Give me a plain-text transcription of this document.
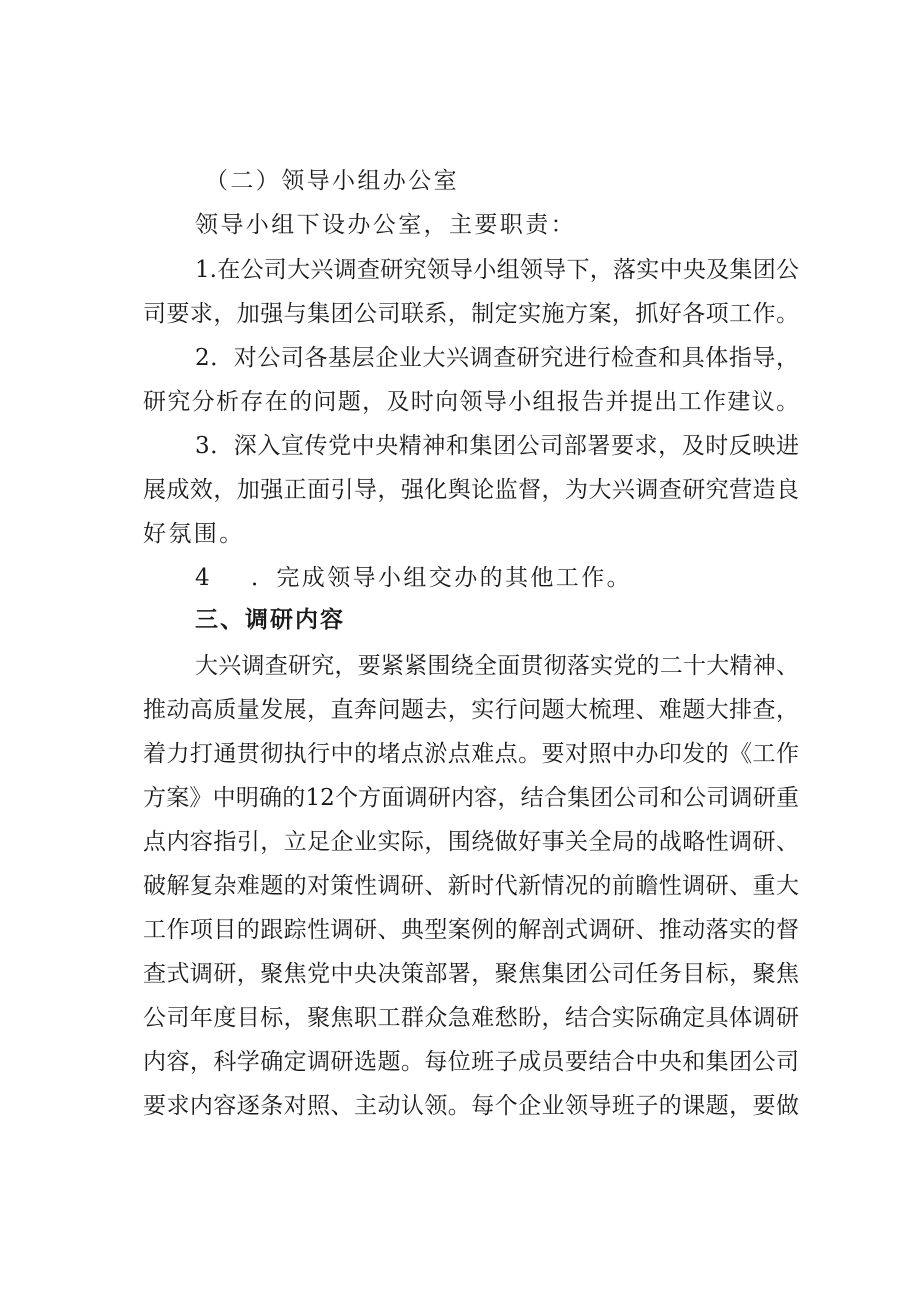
（二）领导小组办公室
领导小组下设办公室，主要职责：
1.在公司大兴调查研究领导小组领导下，落实中央及集团公
司要求，加强与集团公司联系，制定实施方案，抓好各项工作。
2．对公司各基层企业大兴调查研究进行检查和具体指导，
研究分析存在的问题，及时向领导小组报告并提出工作建议。
3．深入宣传党中央精神和集团公司部署要求，及时反映进
展成效，加强正面引导，强化舆论监督，为大兴调查研究营造良
好氛围。
4 ．完成领导小组交办的其他工作。
三、调研内容
大兴调查研究，要紧紧围绕全面贯彻落实党的二十大精神、
推动高质量发展，直奔问题去，实行问题大梳理、难题大排查，
着力打通贯彻执行中的堵点淤点难点。要对照中办印发的《工作
方案》中明确的12个方面调研内容，结合集团公司和公司调研重
点内容指引，立足企业实际，围绕做好事关全局的战略性调研、
破解复杂难题的对策性调研、新时代新情况的前瞻性调研、重大
工作项目的跟踪性调研、典型案例的解剖式调研、推动落实的督
查式调研，聚焦党中央决策部署，聚焦集团公司任务目标，聚焦
公司年度目标，聚焦职工群众急难愁盼，结合实际确定具体调研
内容，科学确定调研选题。每位班子成员要结合中央和集团公司
要求内容逐条对照、主动认领。每个企业领导班子的课题，要做
